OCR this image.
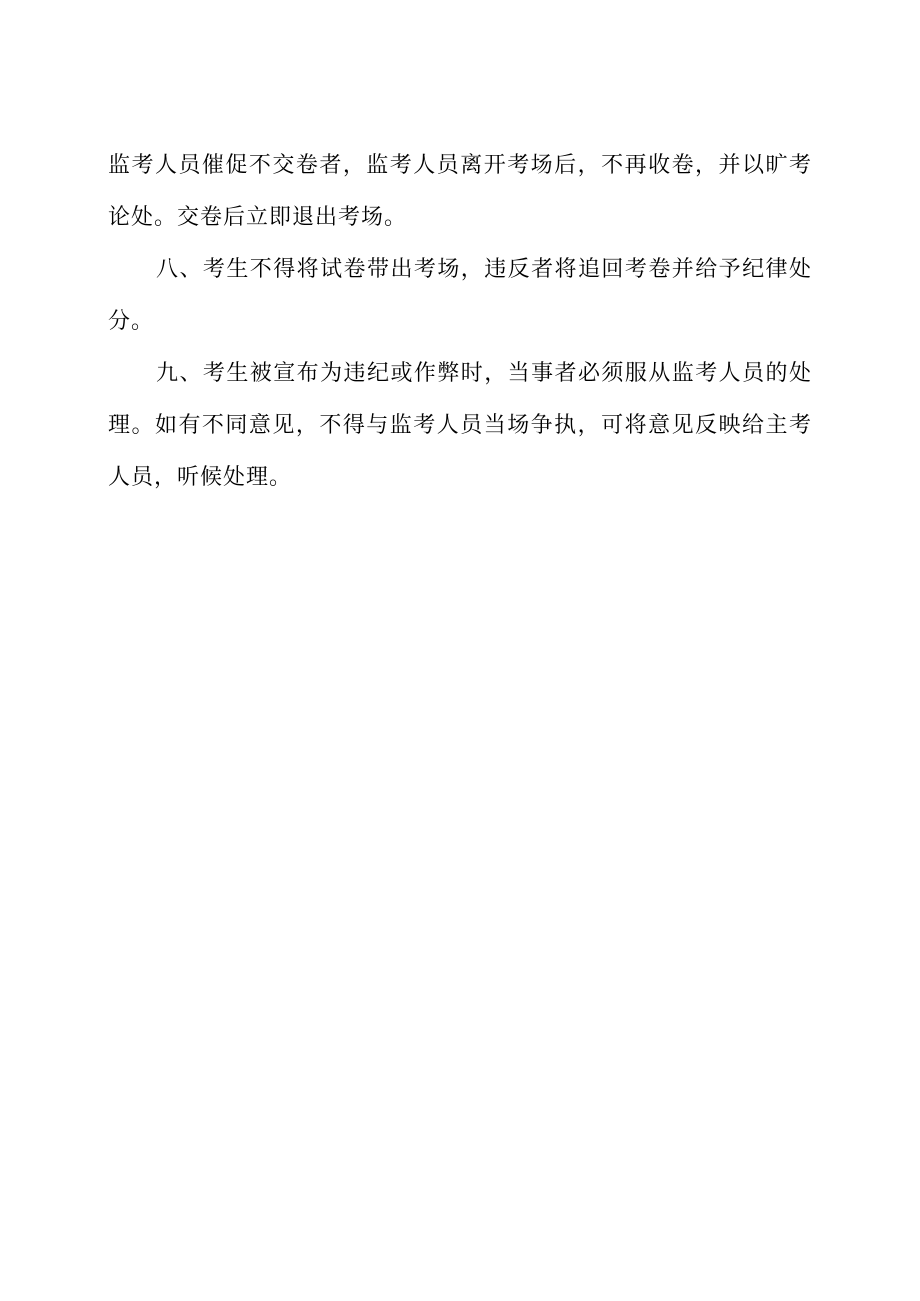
监考人员催促不交卷者，监考人员离开考场后，不再收卷，并以旷考论处。交卷后立即退出考场。

八、考生不得将试卷带出考场，违反者将追回考卷并给予纪律处分。

九、考生被宣布为违纪或作弊时，当事者必须服从监考人员的处理。如有不同意见，不得与监考人员当场争执，可将意见反映给主考人员，听候处理。
